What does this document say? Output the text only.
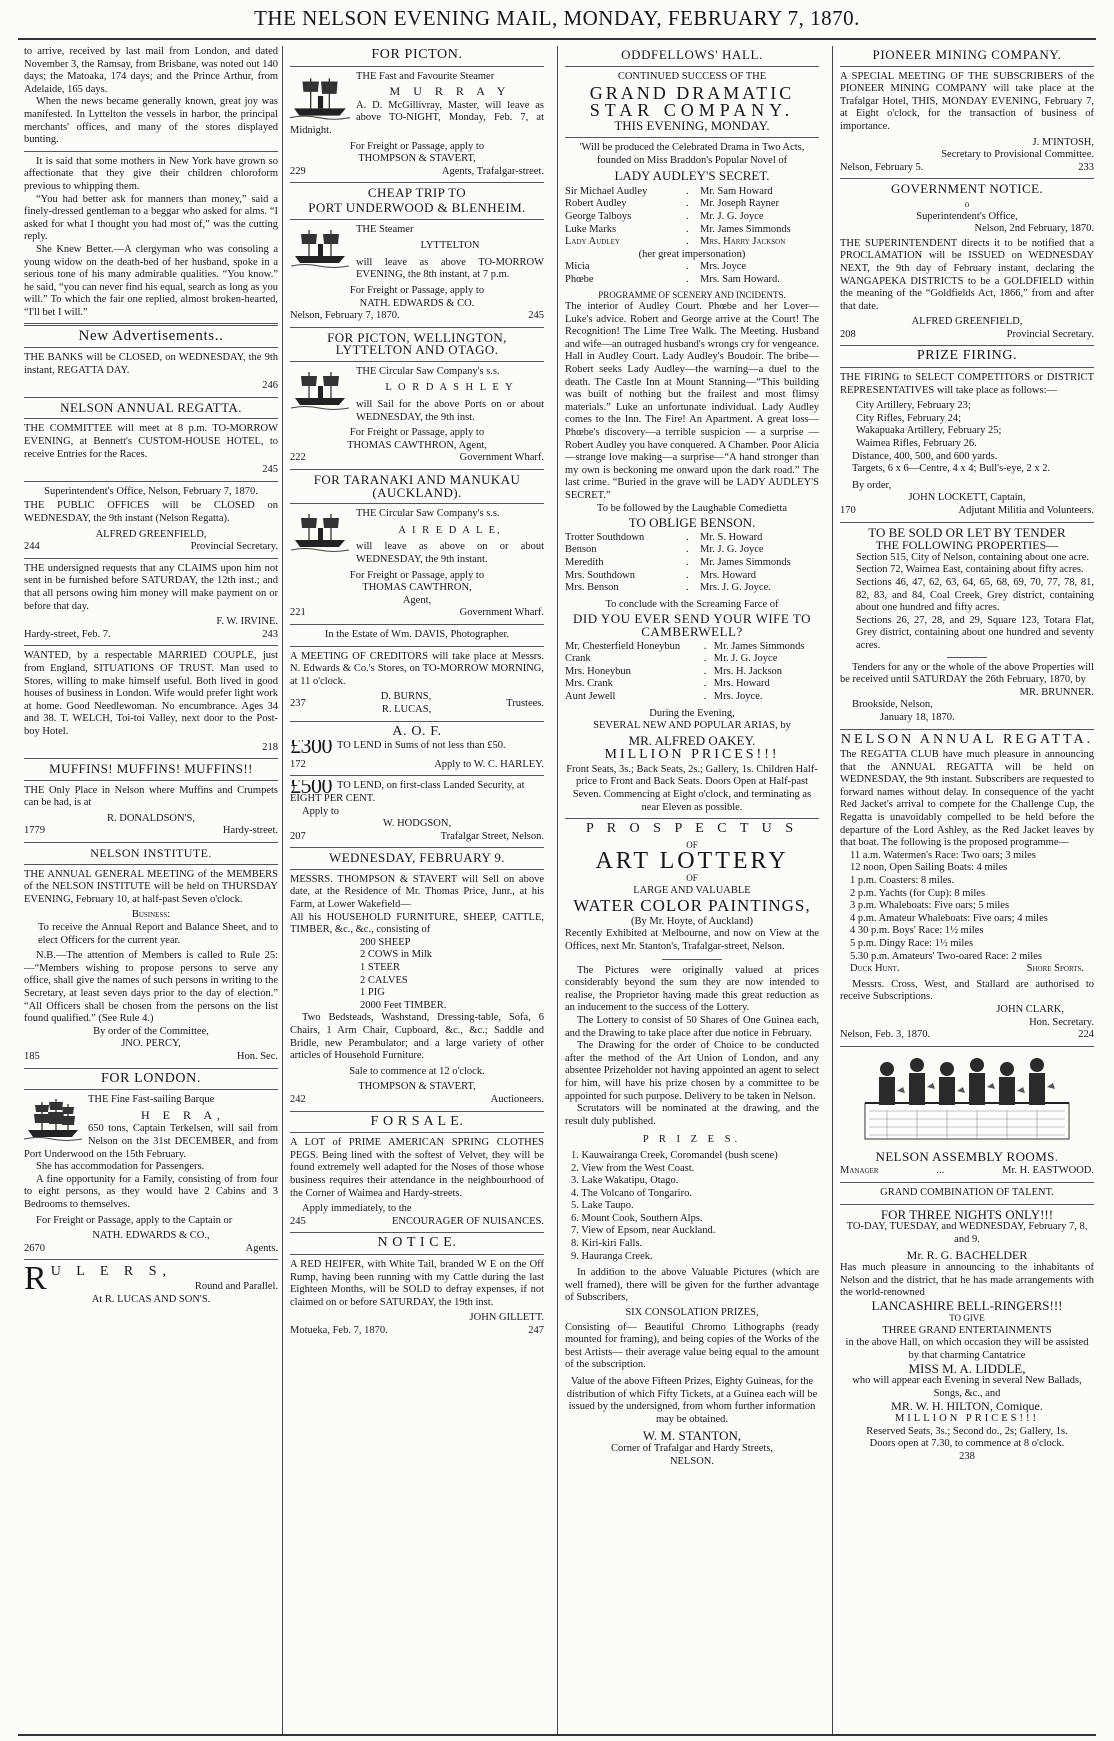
THE NELSON EVENING MAIL, MONDAY, FEBRUARY 7, 1870.

to arrive, received by last mail from London, and dated November 3, the Ramsay, from Brisbane, was noted out 140 days; the Matoaka, 174 days; and the Prince Arthur, from Adelaide, 165 days.

When the news became generally known, great joy was manifested. In Lyttelton the vessels in harbor, the principal merchants' offices, and many of the stores displayed bunting.

It is said that some mothers in New York have grown so affectionate that they give their children chloroform previous to whipping them.

“You had better ask for manners than money,” said a finely-dressed gentleman to a beggar who asked for alms. “I asked for what I thought you had most of,” was the cutting reply.

She Knew Better.—A clergyman who was consoling a young widow on the death-bed of her husband, spoke in a serious tone of his many admirable qualities. “You know.” he said, “you can never find his equal, search as long as you will.” To which the fair one replied, almost broken-hearted, “I'll bet I will.”

New Advertisements..

THE BANKS will be CLOSED, on WEDNESDAY, the 9th instant, REGATTA DAY.

246

NELSON ANNUAL REGATTA.

THE COMMITTEE will meet at 8 p.m. TO-MORROW EVENING, at Bennett's CUSTOM-HOUSE HOTEL, to receive Entries for the Races.

245

Superintendent's Office, Nelson, February 7, 1870.

THE PUBLIC OFFICES will be CLOSED on WEDNESDAY, the 9th instant (Nelson Regatta).

ALFRED GREENFIELD,

244	Provincial Secretary.

THE undersigned requests that any CLAIMS upon him not sent in be furnished before SATURDAY, the 12th inst.; and that all persons owing him money will make payment on or before that day.

F. W. IRVINE.

Hardy-street, Feb. 7.	243

WANTED, by a respectable MARRIED COUPLE, just from England, SITUATIONS OF TRUST. Man used to Stores, willing to make himself useful. Both lived in good houses of business in London. Wife would prefer light work at home. Good Needlewoman. No encumbrance. Ages 34 and 38. T. WELCH, Toi-toi Valley, next door to the Post-boy Hotel.

218

MUFFINS! MUFFINS! MUFFINS!!

THE Only Place in Nelson where Muffins and Crumpets can be had, is at

R. DONALDSON'S,

1779	Hardy-street.
NELSON INSTITUTE.

THE ANNUAL GENERAL MEETING of the MEMBERS of the NELSON INSTITUTE will be held on THURSDAY EVENING, February 10, at half-past Seven o'clock.

Business:

To receive the Annual Report and Balance Sheet, and to elect Officers for the current year.

N.B.—The attention of Members is called to Rule 25:—“Members wishing to propose persons to serve any office, shall give the names of such persons in writing to the Secretary, at least seven days prior to the day of election.” “All Officers shall be chosen from the persons on the list found qualified.” (See Rule 4.)

By order of the Committee,

JNO. PERCY,

185	Hon. Sec.
FOR LONDON.

THE Fine Fast-sailing Barque

H E R A,

650 tons, Captain Terkelsen, will sail from Nelson on the 31st DECEMBER, and from Port Underwood on the 15th February.

She has accommodation for Passengers.

A fine opportunity for a Family, consisting of from four to eight persons, as they would have 2 Cabins and 3 Bedrooms to themselves.

For Freight or Passage, apply to the Captain or

NATH. EDWARDS & CO.,

2670	Agents.
R U L E R S,

Round and Parallel.

At R. LUCAS AND SON'S.

FOR PICTON.

THE Fast and Favourite Steamer

M U R R A Y

A. D. McGillivray, Master, will leave as above TO-NIGHT, Monday, Feb. 7, at Midnight.

For Freight or Passage, apply to

THOMPSON & STAVERT,

229	Agents, Trafalgar-street.
CHEAP TRIP TO
PORT UNDERWOOD & BLENHEIM.

THE Steamer

LYTTELTON

will leave as above TO-MORROW EVENING, the 8th instant, at 7 p.m.

For Freight or Passage, apply to

NATH. EDWARDS & CO.

Nelson, February 7, 1870.	245
FOR PICTON, WELLINGTON, LYTTELTON AND OTAGO.

THE Circular Saw Company's s.s.

L O R D A S H L E Y

will Sail for the above Ports on or about WEDNESDAY, the 9th inst.

For Freight or Passage, apply to

THOMAS CAWTHRON, Agent,

222	Government Wharf.
FOR TARANAKI AND MANUKAU (AUCKLAND).

THE Circular Saw Company's s.s.

A I R E D A L E,

will leave as above on or about WEDNESDAY, the 9th instant.

For Freight or Passage, apply to

THOMAS CAWTHRON,

Agent,

221	Government Wharf.

In the Estate of Wm. DAVIS, Photographer.

A MEETING OF CREDITORS will take place at Messrs. N. Edwards & Co.'s Stores, on TO-MORROW MORNING, at 11 o'clock.

237
D. BURNS,
R. LUCAS,
Trustees.
A. O. F.
£300 TO LEND in Sums of not less than £50.

172	Apply to W. C. HARLEY.
£500 TO LEND, on first-class Landed Security, at EIGHT PER CENT.

Apply to

W. HODGSON,

207	Trafalgar Street, Nelson.
WEDNESDAY, FEBRUARY 9.

MESSRS. THOMPSON & STAVERT will Sell on above date, at the Residence of Mr. Thomas Price, Junr., at his Farm, at Lower Wakefield—

All his HOUSEHOLD FURNITURE, SHEEP, CATTLE, TIMBER, &c., &c., consisting of

200 SHEEP

2 COWS in Milk

1 STEER

2 CALVES

1 PIG

2000 Feet TIMBER.

Two Bedsteads, Washstand, Dressing-table, Sofa, 6 Chairs, 1 Arm Chair, Cupboard, &c., &c.; Saddle and Bridle, new Perambulator; and a large variety of other articles of Household Furniture.

Sale to commence at 12 o'clock.

THOMPSON & STAVERT,

242	Auctioneers.
F O R S A L E.

A LOT of PRIME AMERICAN SPRING CLOTHES PEGS. Being lined with the softest of Velvet, they will be found extremely well adapted for the Noses of those whose business requires their attendance in the neighbourhood of the Corner of Waimea and Hardy-streets.

Apply immediately, to the

245	ENCOURAGER OF NUISANCES.
N O T I C E.

A RED HEIFER, with White Tail, branded W E on the Off Rump, having been running with my Cattle during the last Eighteen Months, will be SOLD to defray expenses, if not claimed on or before SATURDAY, the 19th inst.

JOHN GILLETT.

Motueka, Feb. 7, 1870.	247
ODDFELLOWS' HALL.

CONTINUED SUCCESS OF THE

GRAND DRAMATIC

STAR COMPANY.

THIS EVENING, MONDAY.

'Will be produced the Celebrated Drama in Two Acts, founded on Miss Braddon's Popular Novel of

LADY AUDLEY'S SECRET.

Sir Michael Audley	.	Mr. Sam Howard
Robert Audley	.	Mr. Joseph Rayner
George Talboys	.	Mr. J. G. Joyce
Luke Marks	.	Mr. James Simmonds
Lady Audley	.	Mrs. Harry Jackson

(her great impersonation)

Micia	.	Mrs. Joyce
Phœbe	.	Mrs. Sam Howard.

PROGRAMME OF SCENERY AND INCIDENTS.

The interior of Audley Court. Phœbe and her Lover—Luke's advice. Robert and George arrive at the Court! The Recognition! The Lime Tree Walk. The Meeting. Husband and wife—an outraged husband's wrongs cry for vengeance. Hall in Audley Court. Lady Audley's Boudoir. The bribe—Robert seeks Lady Audley—the warning—a duel to the death. The Castle Inn at Mount Stanning—“This building was built of nothing but the frailest and most flimsy materials.” Luke an unfortunate individual. Lady Audley comes to the Inn. The Fire! An Apartment. A great loss—Phœbe's discovery—a terrible suspicion — a surprise — Robert Audley you have conquered. A Chamber. Poor Alicia—strange love making—a surprise—“A hand stronger than my own is beckoning me onward upon the dark road.” The last crime. “Buried in the grave will be LADY AUDLEY'S SECRET.”

To be followed by the Laughable Comedietta

TO OBLIGE BENSON.

Trotter Southdown	.	Mr. S. Howard
Benson	.	Mr. J. G. Joyce
Meredith	.	Mr. James Simmonds
Mrs. Southdown	.	Mrs. Howard
Mrs. Benson	.	Mrs. J. G. Joyce.

To conclude with the Screaming Farce of

DID YOU EVER SEND YOUR WIFE TO CAMBERWELL?

Mr. Chesterfield Honeybun	. Mr. James Simmonds
Crank	. Mr. J. G. Joyce
Mrs. Honeybun	. Mrs. H. Jackson
Mrs. Crank	. Mrs. Howard
Aunt Jewell	. Mrs. Joyce.

During the Evening,

SEVERAL NEW AND POPULAR ARIAS, by

MR. ALFRED OAKEY.

MILLION PRICES!!!

Front Seats, 3s.; Back Seats, 2s.; Gallery, 1s. Children Half-price to Front and Back Seats. Doors Open at Half-past Seven. Commencing at Eight o'clock, and terminating as near Eleven as possible.

P R O S P E C T U S

OF

ART LOTTERY

OF

LARGE AND VALUABLE

WATER COLOR PAINTINGS,

(By Mr. Hoyte, of Auckland)

Recently Exhibited at Melbourne, and now on View at the Offices, next Mr. Stanton's, Trafalgar-street, Nelson.

The Pictures were originally valued at prices considerably beyond the sum they are now intended to realise, the Proprietor having made this great reduction as an inducement to the success of the Lottery.

The Lottery to consist of 50 Shares of One Guinea each, and the Drawing to take place after due notice in February.

The Drawing for the order of Choice to be conducted after the method of the Art Union of London, and any absentee Prizeholder not having appointed an agent to select for him, will have his prize chosen by a committee to be appointed for such purpose. Delivery to be taken in Nelson.

Scrutators will be nominated at the drawing, and the result duly published.

P R I Z E S.

1. Kauwairanga Creek, Coromandel (bush scene)

2. View from the West Coast.

3. Lake Wakatipu, Otago.

4. The Volcano of Tongariro.

5. Lake Taupo.

6. Mount Cook, Southern Alps.

7. View of Epsom, near Auckland.

8. Kiri-kiri Falls.

9. Hauranga Creek.

In addition to the above Valuable Pictures (which are well framed), there will be given for the further advantage of Subscribers,

SIX CONSOLATION PRIZES,

Consisting of— Beautiful Chromo Lithographs (ready mounted for framing), and being copies of the Works of the best Artists— their average value being equal to the amount of the subscription.

Value of the above Fifteen Prizes, Eighty Guineas, for the distribution of which Fifty Tickets, at a Guinea each will be issued by the undersigned, from whom further information may be obtained.

W. M. STANTON,

Corner of Trafalgar and Hardy Streets,

NELSON.

PIONEER MINING COMPANY.

A SPECIAL MEETING OF THE SUBSCRIBERS of the PIONEER MINING COMPANY will take place at the Trafalgar Hotel, THIS, MONDAY EVENING, February 7, at Eight o'clock, for the transaction of business of importance.

J. M'INTOSH,

Secretary to Provisional Committee.

Nelson, February 5.	233
GOVERNMENT NOTICE.

o

Superintendent's Office,

Nelson, 2nd February, 1870.

THE SUPERINTENDENT directs it to be notified that a PROCLAMATION will be ISSUED on WEDNESDAY NEXT, the 9th day of February instant, declaring the WANGAPEKA DISTRICTS to be a GOLDFIELD within the meaning of the “Goldfields Act, 1866,” from and after that date.

ALFRED GREENFIELD,

208	Provincial Secretary.
PRIZE FIRING.

THE FIRING to SELECT COMPETITORS or DISTRICT REPRESENTATIVES will take place as follows:—

City Artillery, February 23;

City Rifles, February 24;

Wakapuaka Artillery, February 25;

Waimea Rifles, February 26.

Distance, 400, 500, and 600 yards.

Targets, 6 x 6—Centre, 4 x 4; Bull's-eye, 2 x 2.

By order,

JOHN LOCKETT, Captain,

170	Adjutant Militia and Volunteers.

TO BE SOLD OR LET BY TENDER

THE FOLLOWING PROPERTIES—

Section 515, City of Nelson, containing about one acre.

Section 72, Waimea East, containing about fifty acres.

Sections 46, 47, 62, 63, 64, 65, 68, 69, 70, 77, 78, 81, 82, 83, and 84, Coal Creek, Grey district, containing about one hundred and fifty acres.

Sections 26, 27, 28, and 29, Square 123, Totara Flat, Grey district, containing about one hundred and seventy acres.

Tenders for any or the whole of the above Properties will be received until SATURDAY the 26th February, 1870, by

MR. BRUNNER.

Brookside, Nelson,

January 18, 1870.

NELSON ANNUAL REGATTA.

The REGATTA CLUB have much pleasure in announcing that the ANNUAL REGATTA will be held on WEDNESDAY, the 9th instant. Subscribers are requested to forward names without delay. In consequence of the yacht Red Jacket's arrival to compete for the Challenge Cup, the Regatta is unavoidably compelled to be held before the departure of the Lord Ashley, as the Red Jacket leaves by that boat. The following is the proposed programme—

11 a.m. Watermen's Race: Two oars; 3 miles

12 noon, Open Sailing Boats: 4 miles

1 p.m. Coasters: 8 miles.

2 p.m. Yachts (for Cup): 8 miles

3 p.m. Whaleboats: Five oars; 5 miles

4 p.m. Amateur Whaleboats: Five oars; 4 miles

4 30 p.m. Boys' Race: 1½ miles

5 p.m. Dingy Race: 1½ miles

5.30 p.m. Amateurs' Two-oared Race: 2 miles

Duck Hunt.	Shore Sports.

Messrs. Cross, West, and Stallard are authorised to receive Subscriptions.

JOHN CLARK,

Hon. Secretary.

Nelson, Feb. 3, 1870.	224
NELSON ASSEMBLY ROOMS.
Manager	...	Mr. H. EASTWOOD.

GRAND COMBINATION OF TALENT.

FOR THREE NIGHTS ONLY!!!

TO-DAY, TUESDAY, and WEDNESDAY, February 7, 8, and 9.

Mr. R. G. BACHELDER

Has much pleasure in announcing to the inhabitants of Nelson and the district, that he has made arrangements with the world-renowned

LANCASHIRE BELL-RINGERS!!!

TO GIVE

THREE GRAND ENTERTAINMENTS

in the above Hall, on which occasion they will be assisted by that charming Cantatrice

MISS M. A. LIDDLE,

who will appear each Evening in several New Ballads, Songs, &c., and

MR. W. H. HILTON, Comique.

MILLION PRICES!!!

Reserved Seats, 3s.; Second do., 2s; Gallery, 1s.

Doors open at 7.30, to commence at 8 o'clock.

238
